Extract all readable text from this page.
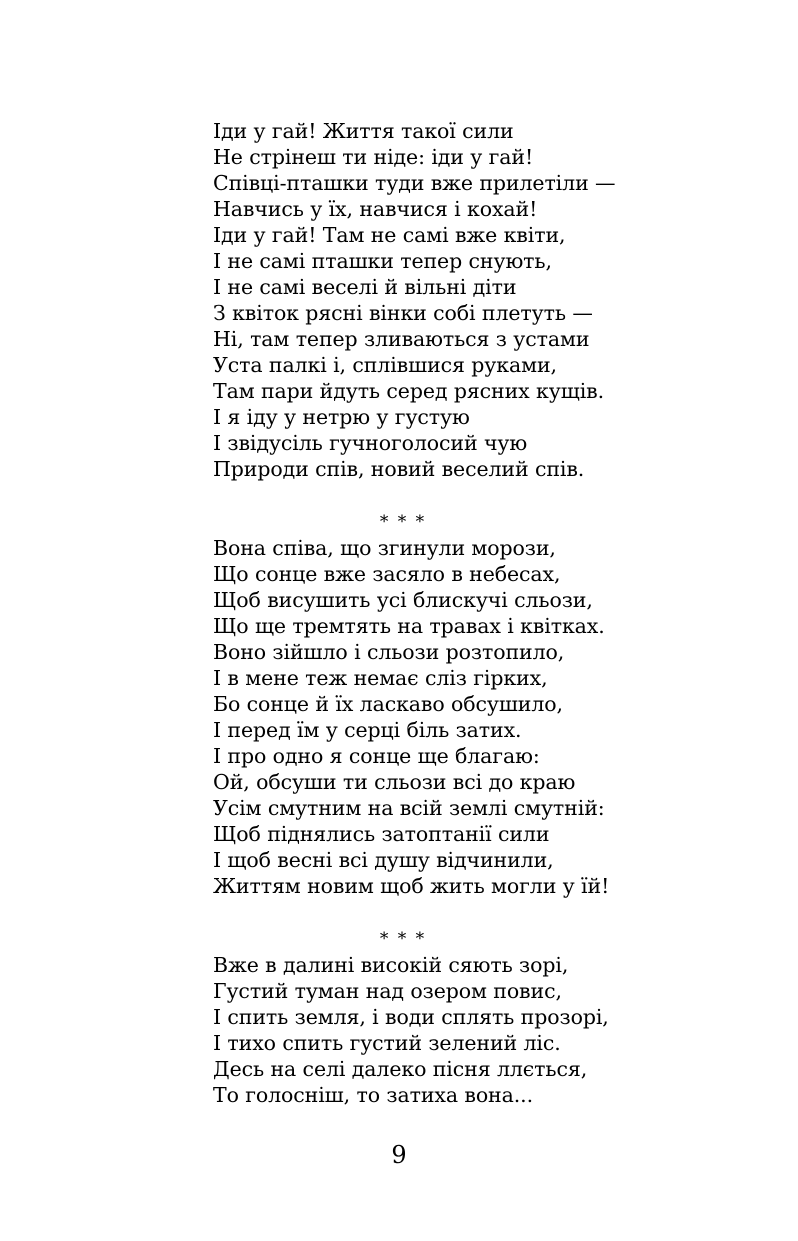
Іди у гай! Життя такої сили
Не стрінеш ти ніде: іди у гай!
Співці-пташки туди вже прилетіли —
Навчись у їх, навчися і кохай!
Іди у гай! Там не самі вже квіти,
І не самі пташки тепер снують,
І не самі веселі й вільні діти
З квіток рясні вінки собі плетуть —
Ні, там тепер зливаються з устами
Уста палкі і, сплівшися руками,
Там пари йдуть серед рясних кущів.
І я іду у нетрю у густую
І звідусіль гучноголосий чую
Природи спів, новий веселий спів.
* * *
Вона співа, що згинули морози,
Що сонце вже засяло в небесах,
Щоб висушить усі блискучі сльози,
Що ще тремтять на травах і квітках.
Воно зійшло і сльози розтопило,
І в мене теж немає сліз гірких,
Бо сонце й їх ласкаво обсушило,
І перед їм у серці біль затих.
І про одно я сонце ще благаю:
Ой, обсуши ти сльози всі до краю
Усім смутним на всій землі смутній:
Щоб піднялись затоптанії сили
І щоб весні всі душу відчинили,
Життям новим щоб жить могли у їй!
* * *
Вже в далині високій сяють зорі,
Густий туман над озером повис,
І спить земля, і води сплять прозорі,
І тихо спить густий зелений ліс.
Десь на селі далеко пісня ллється,
То голосніш, то затиха вона...
9
